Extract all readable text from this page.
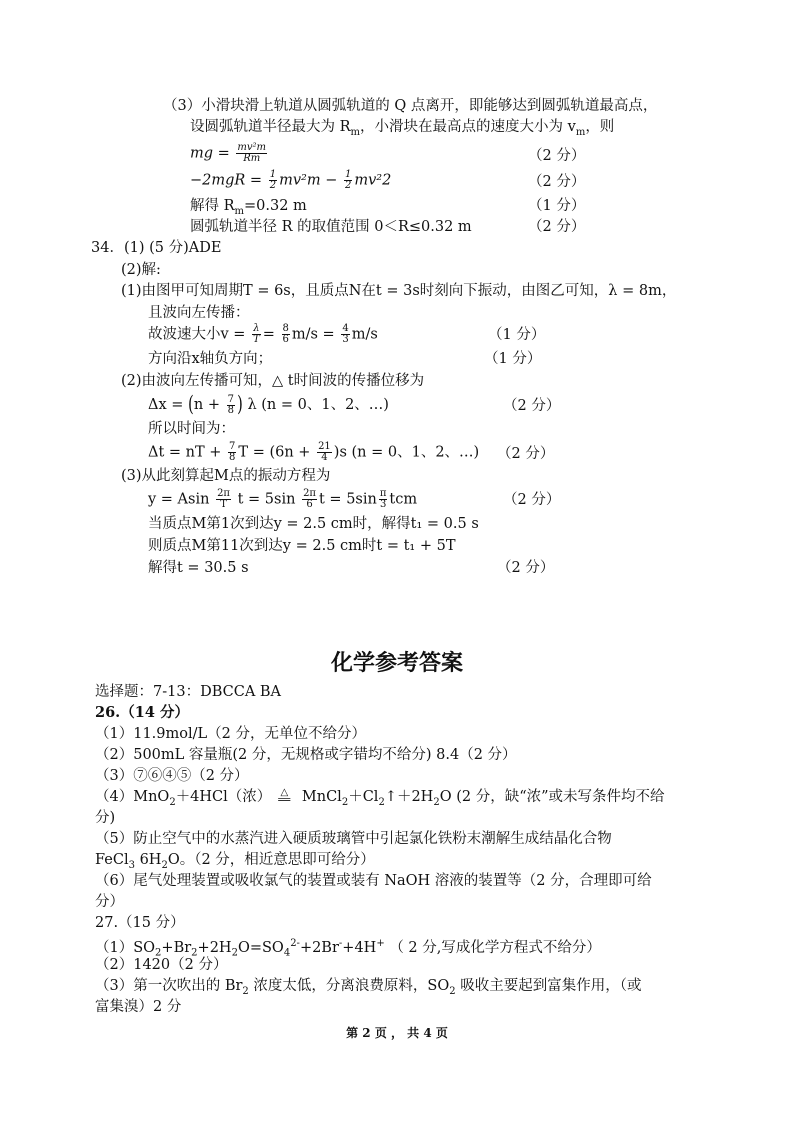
（3）小滑块滑上轨道从圆弧轨道的 Q 点离开，即能够达到圆弧轨道最高点，
设圆弧轨道半径最大为 $R_m$，小滑块在最高点的速度大小为 $v_m$，则
mg = $\frac{\text{mv²m}}{Rm}$	（2 分）
$-2mgR = \frac{1}{2} mv^2m - \frac{1}{2} mv^22$	（2 分）
解得 $R_m=0.32$ m	（1 分）
圆弧轨道半径 R 的取值范围 0＜R≤0.32 m	（2 分）
34．(1) (5 分)ADE
(2)解:
(1)由图甲可知周期T = 6s，且质点N在t = 3s时刻向下振动，由图乙可知，λ = 8m，
且波向左传播：
故波速大小$v = \frac{\lambda}{T} = \frac{8}{6} m/s = \frac{4}{3} m/s$	（1 分）
方向沿x轴负方向；	（1 分）
(2)由波向左传播可知，△ t时间波的传播位移为
$\Delta x = (n + \frac{7}{8}$ ) λ (n = 0、1、2、…)	（2 分）
所以时间为：
Δt = nT + $\frac{7}{8}$ $T = (6n + \frac{21}{4} )s$ (n = 0、1、2、…) （2 分）
(3)从此刻算起M点的振动方程为
y = Asin $\frac{2\pi}{T}$ $t = 5\sin \frac{2\pi}{6}$ $t = 5\sin \frac{\pi}{3}$ tcm	（2 分）
当质点M第1次到达y = 2.5 cm时，解得t₁ = 0.5 s
则质点M第11次到达y = 2.5 cm时t = t₁ + 5T
解得t = 30.5 s	（2 分）
化学参考答案
选择题：7-13：DBCCA BA
26.（14 分）
（1）11.9mol/L（2 分，无单位不给分）
（2）500mL 容量瓶(2 分，无规格或字错均不给分) 8.4（2 分）
（3）⑦⑥④⑤（2 分）
（4）MnO$_2$＋4HCl（浓） △
══ $MnCl_2+Cl_2↑+2H_2O$ (2 分，缺“浓”或未写条件均不给
分)
（5）防止空气中的水蒸汽进入硬质玻璃管中引起氯化铁粉末潮解生成结晶化合物
FeCl$_3$ $6H_2O$。（2 分，相近意思即可给分）
（6）尾气处理装置或吸收氯气的装置或装有 NaOH 溶液的装置等（2 分，合理即可给
分）
27.（15 分）
$(1)SO_2+Br_2+2H_2O=SO_4^{2-}+2Br^-+4H^+$ （ 2 分,写成化学方程式不给分）
（2）1420（2 分）
（3）第一次吹出的 $Br_2$ 浓度太低，分离浪费原料，$SO_2$ 吸收主要起到富集作用，（或
富集溴）2 分
第 2 页 ， 共 4 页
